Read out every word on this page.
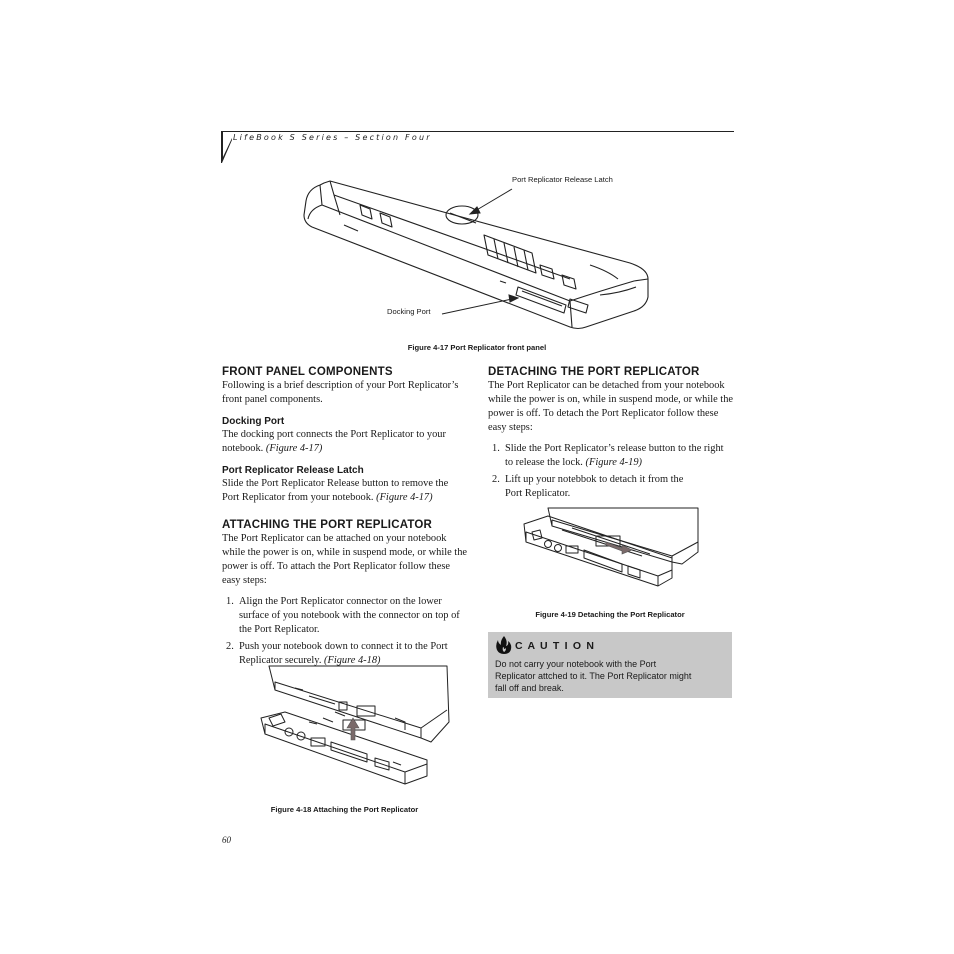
LifeBook S Series – Section Four
Port Replicator Release Latch
Docking Port
Figure 4-17 Port Replicator front panel
FRONT PANEL COMPONENTS

Following is a brief description of your Port Replicator’s front panel components.

Docking Port

The docking port connects the Port Replicator to your notebook. (Figure 4-17)

Port Replicator Release Latch

Slide the Port Replicator Release button to remove the Port Replicator from your notebook. (Figure 4-17)

ATTACHING THE PORT REPLICATOR

The Port Replicator can be attached on your notebook while the power is on, while in suspend mode, or while the power is off. To attach the Port Replicator follow these easy steps:

1. Align the Port Replicator connector on the lower surface of you notebook with the connector on top of the Port Replicator.
2. Push your notebook down to connect it to the Port Replicator securely. (Figure 4-18)
Figure 4-18 Attaching the Port Replicator
DETACHING THE PORT REPLICATOR

The Port Replicator can be detached from your notebook while the power is on, while in suspend mode, or while the power is off. To detach the Port Replicator follow these easy steps:

1. Slide the Port Replicator’s release button to the right to release the lock. (Figure 4-19)
2. Lift up your notebbok to detach it from the Port Replicator.
Figure 4-19 Detaching the Port Replicator
C A U T I O N
Do not carry your notebook with the Port Replicator attched to it. The Port Replicator might fall off and break.
60
